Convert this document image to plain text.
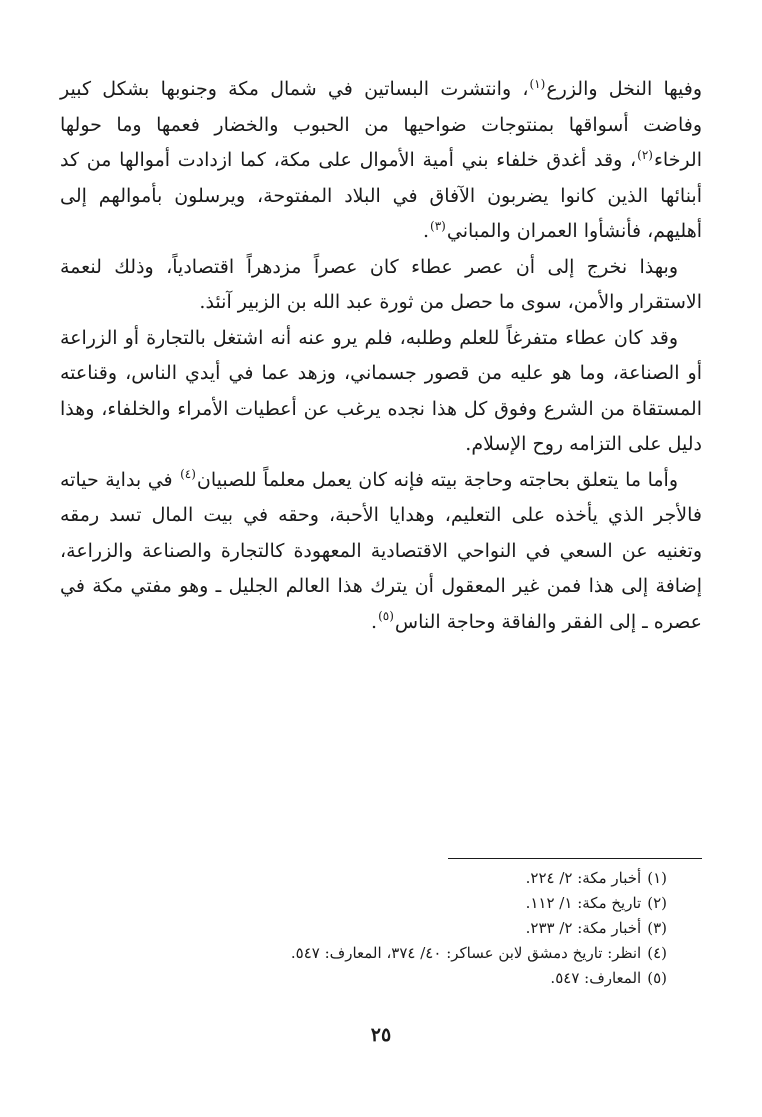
وفيها النخل والزرع$^{(١)}$، وانتشرت البساتين في شمال مكة وجنوبها بشكل كبير وفاضت أسواقها بمنتوجات ضواحيها من الحبوب والخضار فعمها وما حولها الرخاء$^{(٢)}$، وقد أغدق خلفاء بني أمية الأموال على مكة، كما ازدادت أموالها من كد أبنائها الذين كانوا يضربون الآفاق في البلاد المفتوحة، ويرسلون بأموالهم إلى أهليهم، فأنشأوا العمران والمباني$^{(٣)}$.

وبهذا نخرج إلى أن عصر عطاء كان عصراً مزدهراً اقتصادياً، وذلك لنعمة الاستقرار والأمن، سوى ما حصل من ثورة عبد الله بن الزبير آنئذ.

وقد كان عطاء متفرغاً للعلم وطلبه، فلم يرو عنه أنه اشتغل بالتجارة أو الزراعة أو الصناعة، وما هو عليه من قصور جسماني، وزهد عما في أيدي الناس، وقناعته المستقاة من الشرع وفوق كل هذا نجده يرغب عن أعطيات الأمراء والخلفاء، وهذا دليل على التزامه روح الإسلام.

وأما ما يتعلق بحاجته وحاجة بيته فإنه كان يعمل معلماً للصبيان$^{(٤)}$ في بداية حياته فالأجر الذي يأخذه على التعليم، وهدايا الأحبة، وحقه في بيت المال تسد رمقه وتغنيه عن السعي في النواحي الاقتصادية المعهودة كالتجارة والصناعة والزراعة، إضافة إلى هذا فمن غير المعقول أن يترك هذا العالم الجليل ـ وهو مفتي مكة في عصره ـ إلى الفقر والفاقة وحاجة الناس$^{(٥)}$.

(١)أخبار مكة: ٢/ ٢٢٤.
(٢)تاريخ مكة: ١/ ١١٢.
(٣)أخبار مكة: ٢/ ٢٣٣.
(٤)انظر: تاريخ دمشق لابن عساكر: ٤٠/ ٣٧٤، المعارف: ٥٤٧.
(٥)المعارف: ٥٤٧.
٢٥
